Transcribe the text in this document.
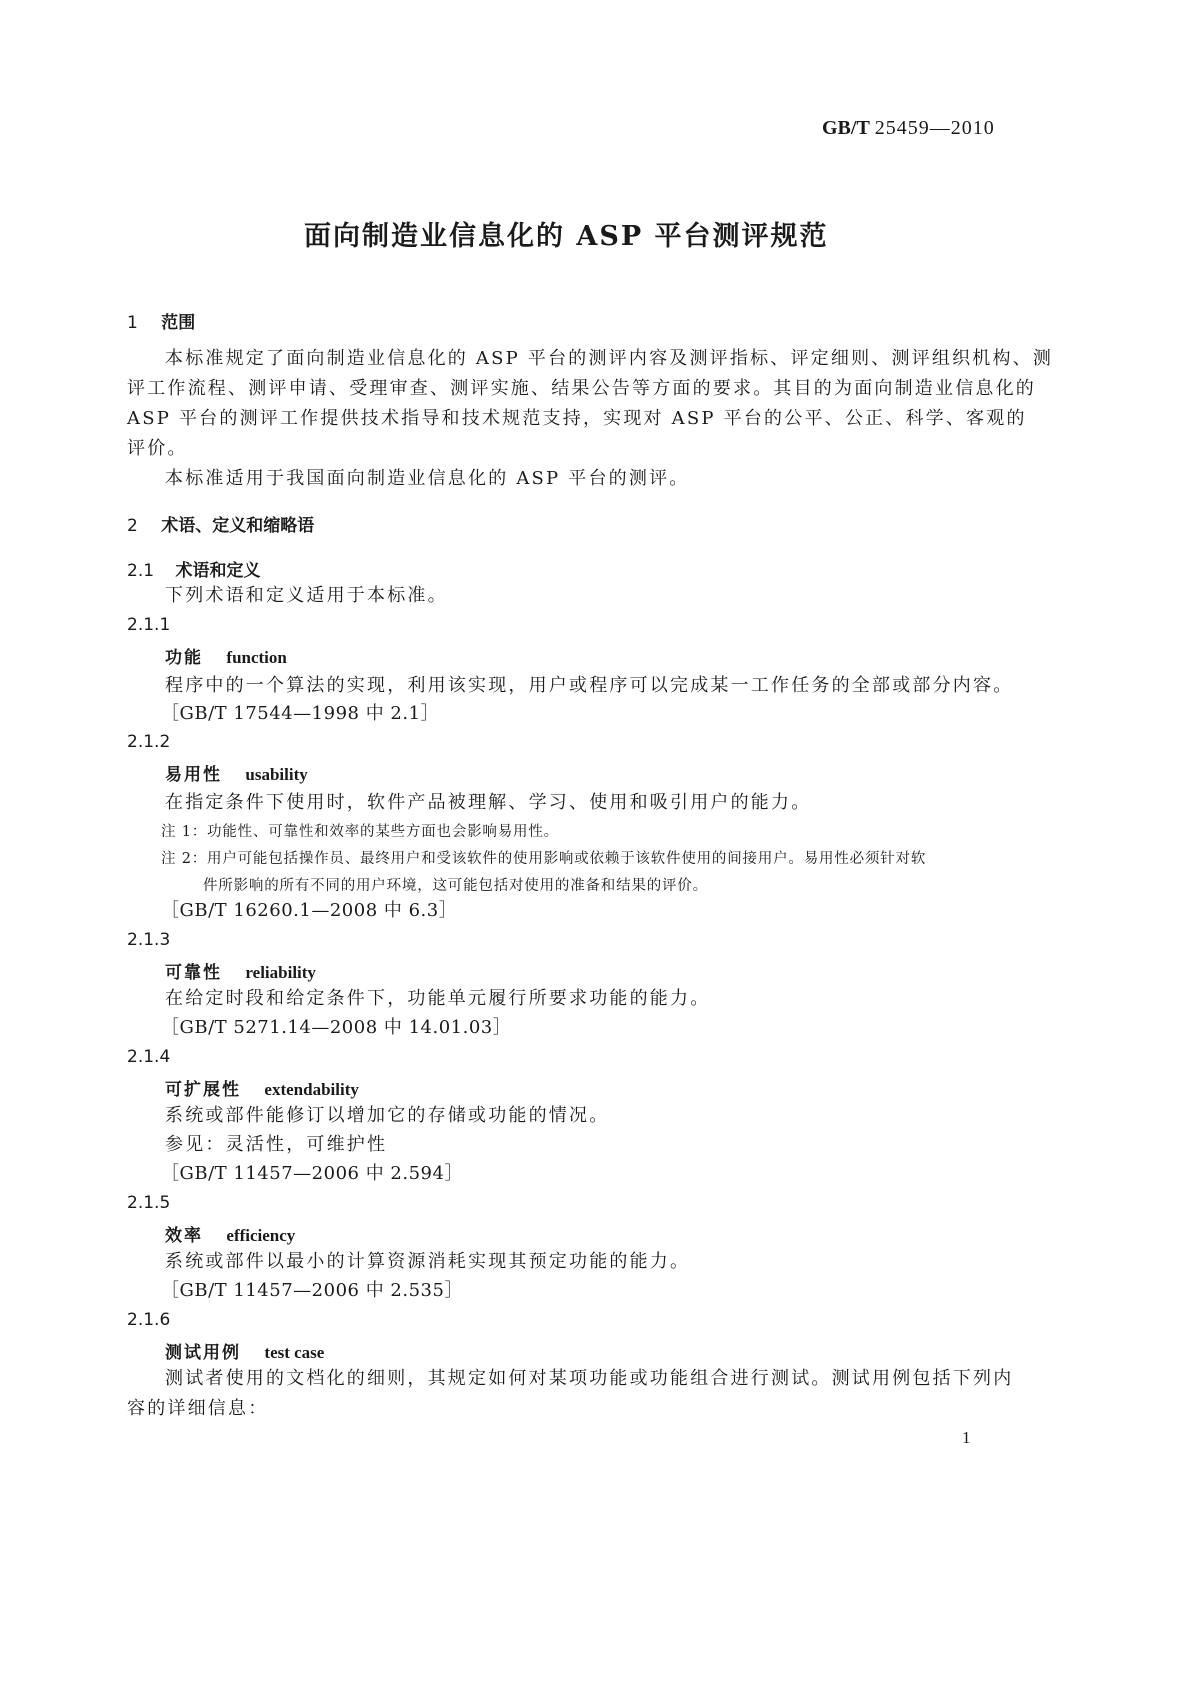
GB/T 25459—2010
面向制造业信息化的 ASP 平台测评规范
1 范围
本标准规定了面向制造业信息化的 ASP 平台的测评内容及测评指标、评定细则、测评组织机构、测
评工作流程、测评申请、受理审查、测评实施、结果公告等方面的要求。其目的为面向制造业信息化的
ASP 平台的测评工作提供技术指导和技术规范支持，实现对 ASP 平台的公平、公正、科学、客观的
评价。
本标准适用于我国面向制造业信息化的 ASP 平台的测评。
2 术语、定义和缩略语
2.1 术语和定义
下列术语和定义适用于本标准。
2.1.1
功能 function
程序中的一个算法的实现，利用该实现，用户或程序可以完成某一工作任务的全部或部分内容。
［GB/T 17544—1998 中 2.1］
2.1.2
易用性 usability
在指定条件下使用时，软件产品被理解、学习、使用和吸引用户的能力。
注 1：功能性、可靠性和效率的某些方面也会影响易用性。
注 2：用户可能包括操作员、最终用户和受该软件的使用影响或依赖于该软件使用的间接用户。易用性必须针对软
件所影响的所有不同的用户环境，这可能包括对使用的准备和结果的评价。
［GB/T 16260.1—2008 中 6.3］
2.1.3
可靠性 reliability
在给定时段和给定条件下，功能单元履行所要求功能的能力。
［GB/T 5271.14—2008 中 14.01.03］
2.1.4
可扩展性 extendability
系统或部件能修订以增加它的存储或功能的情况。
参见：灵活性，可维护性
［GB/T 11457—2006 中 2.594］
2.1.5
效率 efficiency
系统或部件以最小的计算资源消耗实现其预定功能的能力。
［GB/T 11457—2006 中 2.535］
2.1.6
测试用例 test case
测试者使用的文档化的细则，其规定如何对某项功能或功能组合进行测试。测试用例包括下列内
容的详细信息：
1
